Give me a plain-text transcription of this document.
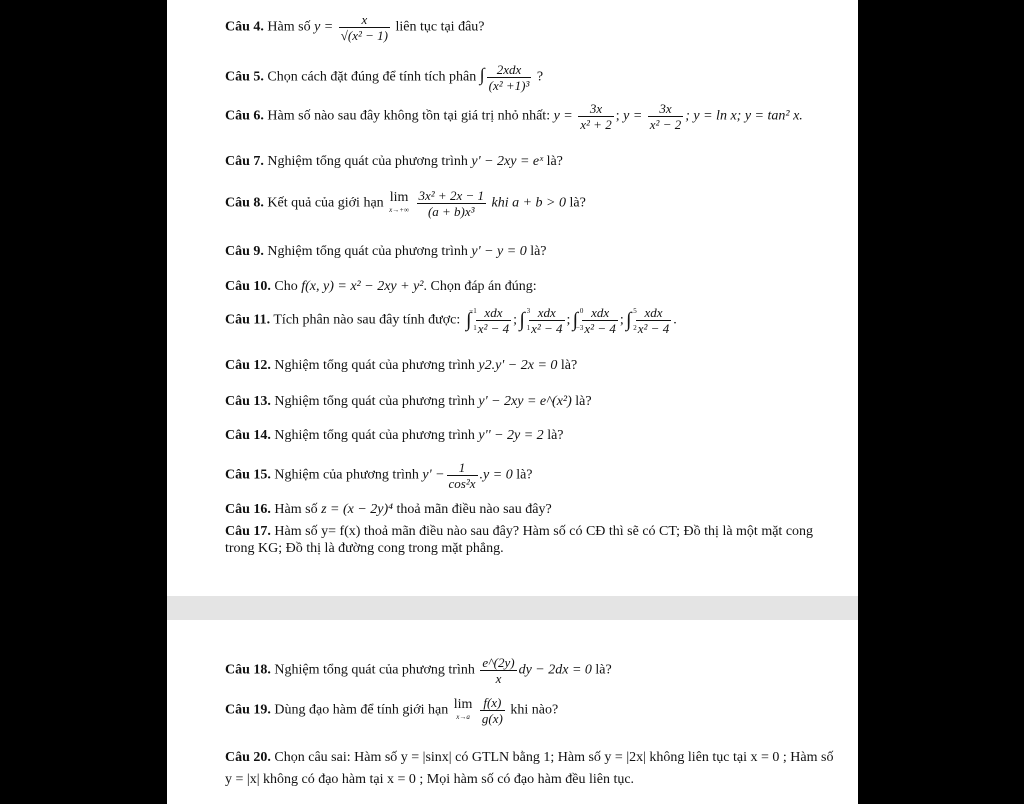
Câu 4. Hàm số $y = \frac{x}{\text{√(x² − 1)}}$ liên tục tại đâu?
Câu 5. Chọn cách đặt đúng để tính tích phân ∫ $\frac{\text{2xdx}}{\text{(x² +1)³}}$ ?
Câu 6. Hàm số nào sau đây không tồn tại giá trị nhỏ nhất: $y = \frac{3x}{\text{x² + 2}}$ ; $y = \frac{3x}{\text{x² − 2}}$ ; y = ln x; y = tan² x.
Câu 7. Nghiệm tổng quát của phương trình y' − 2xy = eˣ là?
Câu 8. Kết quả của giới hạn lim
x→+∞
$\frac{\text{3x² + 2x − 1}}{\text{(a + b)x³}}$ khi a + b > 0 là?
Câu 9. Nghiệm tổng quát của phương trình y' − y = 0 là?
Câu 10. Cho f(x, y) = x² − 2xy + y². Chọn đáp án đúng:
Câu 11. Tích phân nào sau đây tính được: ∫
−1
$1 \frac{\text{xdx}}{\text{x² − 4}}$ ; ∫ 3
$1 \frac{\text{xdx}}{\text{x² − 4}}$ ; ∫ 0
$-3 \frac{\text{xdx}}{\text{x² − 4}}$ ; ∫ 5
$2 \frac{\text{xdx}}{\text{x² − 4}}$ .
Câu 12. Nghiệm tổng quát của phương trình y2.y' − 2x = 0 là?
Câu 13. Nghiệm tổng quát của phương trình y' − 2xy = e^(x²) là?
Câu 14. Nghiệm tổng quát của phương trình y'' − 2y = 2 là?
Câu 15. Nghiệm của phương trình $y' - \frac{1}{\text{cos²x}} .y = 0$ là?
Câu 16. Hàm số z = (x − 2y)⁴ thoả mãn điều nào sau đây?
Câu 17. Hàm số y= f(x) thoả mãn điều nào sau đây? Hàm số có CĐ thì sẽ có CT; Đồ thị là một mặt cong trong KG; Đồ thị là đường cong trong mặt phẳng.
Câu 18. Nghiệm tổng quát của phương trình $\frac{e\^{}(2y)}{x}$ dy − 2dx = 0 là?
Câu 19. Dùng đạo hàm để tính giới hạn lim
x→a
$\frac{f(x)}{g(x)}$ khi nào?
Câu 20. Chọn câu sai: Hàm số y = |sinx| có GTLN bằng 1; Hàm số y = |2x| không liên tục tại x = 0 ; Hàm số y = |x| không có đạo hàm tại x = 0 ; Mọi hàm số có đạo hàm đều liên tục.
